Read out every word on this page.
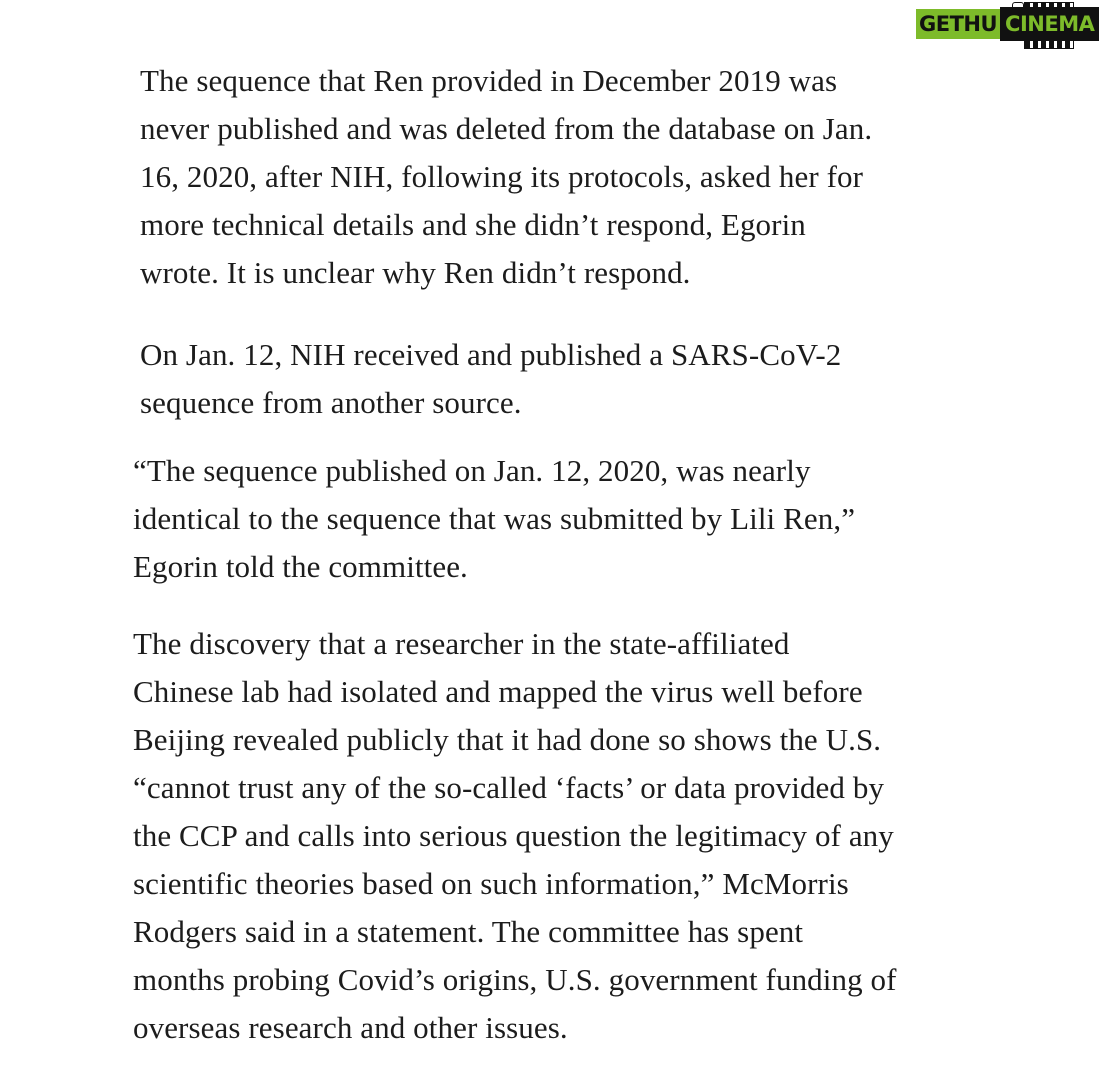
GETHU CINEMA

The sequence that Ren provided in December 2019 was
never published and was deleted from the database on Jan.
16, 2020, after NIH, following its protocols, asked her for
more technical details and she didn’t respond, Egorin
wrote. It is unclear why Ren didn’t respond.

On Jan. 12, NIH received and published a SARS-CoV-2
sequence from another source.

“The sequence published on Jan. 12, 2020, was nearly
identical to the sequence that was submitted by Lili Ren,”
Egorin told the committee.

The discovery that a researcher in the state-affiliated
Chinese lab had isolated and mapped the virus well before
Beijing revealed publicly that it had done so shows the U.S.
“cannot trust any of the so-called ‘facts’ or data provided by
the CCP and calls into serious question the legitimacy of any
scientific theories based on such information,” McMorris
Rodgers said in a statement. The committee has spent
months probing Covid’s origins, U.S. government funding of
overseas research and other issues.
